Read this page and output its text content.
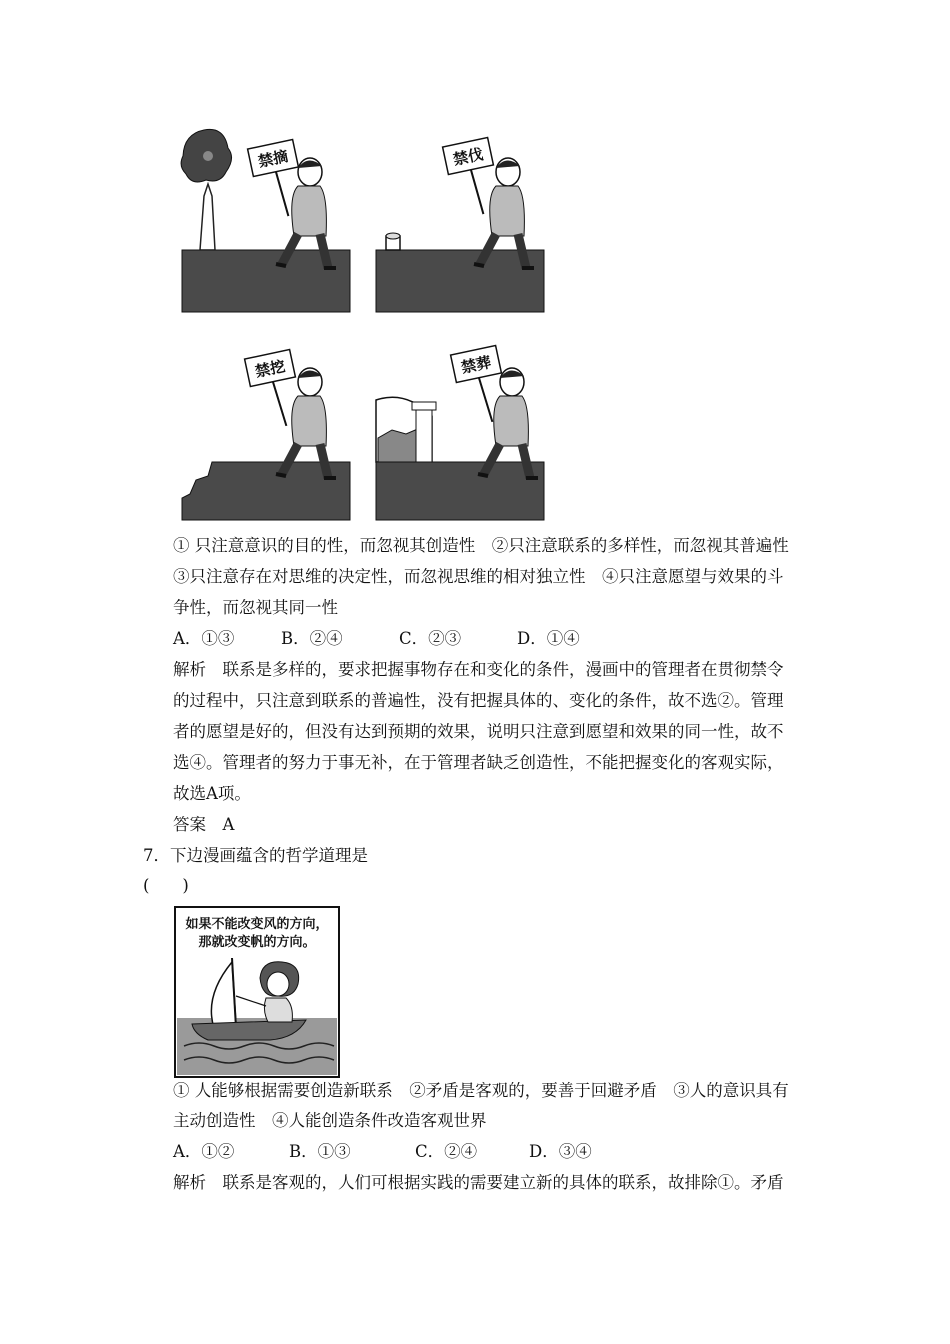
禁摘	禁伐
禁挖	禁葬
① 只注意意识的目的性，而忽视其创造性　②只注意联系的多样性，而忽视其普遍性
③只注意存在对思维的决定性，而忽视思维的相对独立性　④只注意愿望与效果的斗
争性，而忽视其同一性
A．①③	B．②④	C．②③	D．①④
解析　联系是多样的，要求把握事物存在和变化的条件，漫画中的管理者在贯彻禁令
的过程中，只注意到联系的普遍性，没有把握具体的、变化的条件，故不选②。管理
者的愿望是好的，但没有达到预期的效果，说明只注意到愿望和效果的同一性，故不
选④。管理者的努力于事无补，在于管理者缺乏创造性，不能把握变化的客观实际，
故选A项。
答案　A
7．下边漫画蕴含的哲学道理是
(　　)
如果不能改变风的方向，
那就改变帆的方向。
① 人能够根据需要创造新联系　②矛盾是客观的，要善于回避矛盾　③人的意识具有
主动创造性　④人能创造条件改造客观世界
A．①②	B．①③	C．②④	D．③④
解析　联系是客观的，人们可根据实践的需要建立新的具体的联系，故排除①。矛盾
